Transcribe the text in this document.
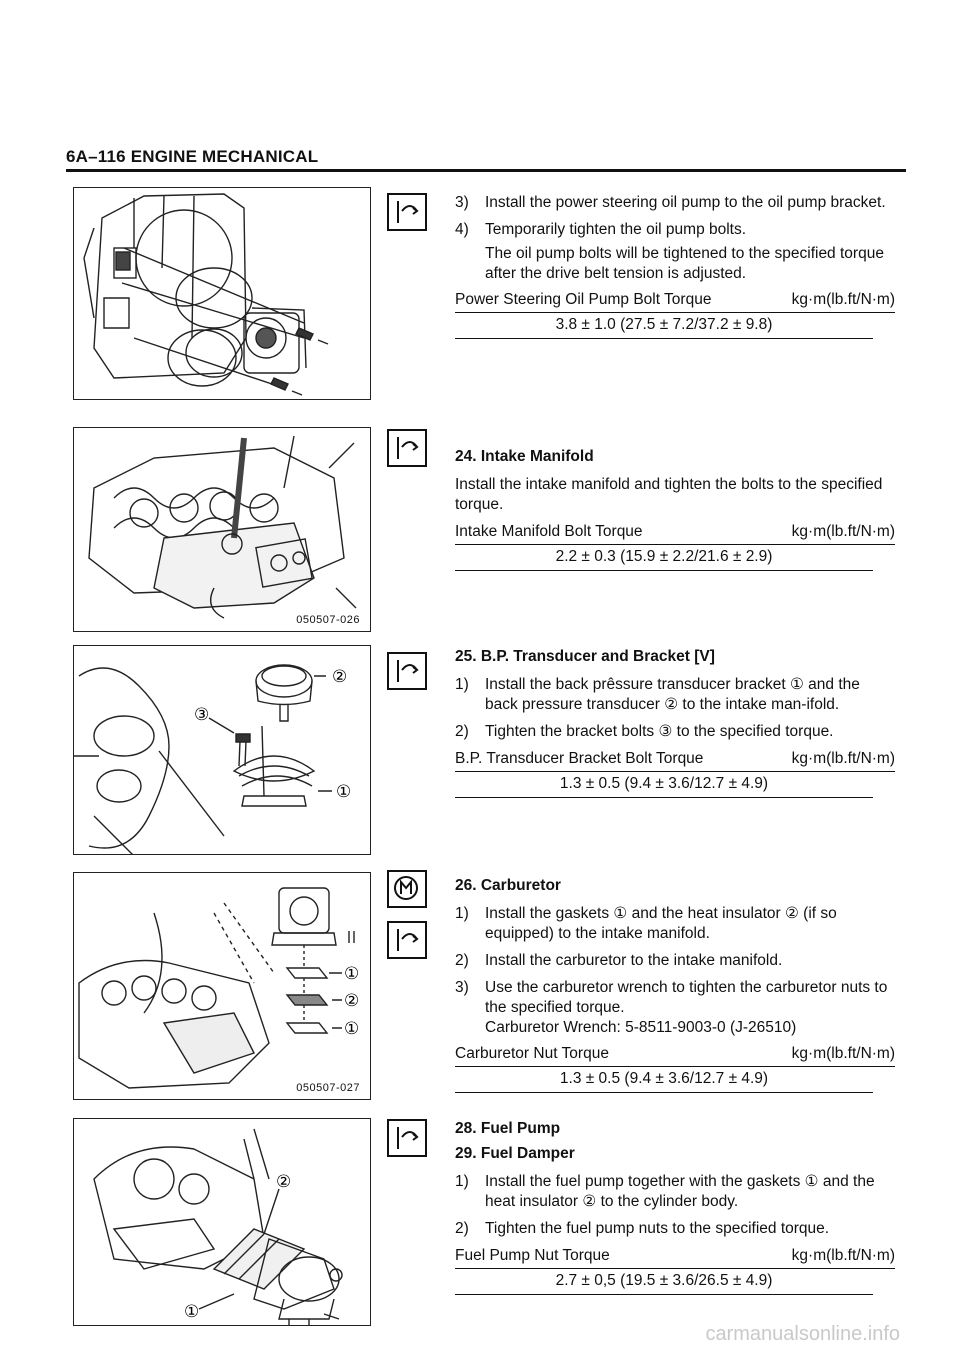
6A–116 ENGINE MECHANICAL
050507-026
②
③
①
①
②
①
050507-027
②
①
3) Install the power steering oil pump to the oil pump bracket.
4) Temporarily tighten the oil pump bolts.
The oil pump bolts will be tightened to the specified torque after the drive belt tension is adjusted.
Power Steering Oil Pump Bolt Torque	kg·m(lb.ft/N·m)
3.8 ± 1.0 (27.5 ± 7.2/37.2 ± 9.8)
24. Intake Manifold
Install the intake manifold and tighten the bolts to the specified torque.
Intake Manifold Bolt Torque	kg·m(lb.ft/N·m)
2.2 ± 0.3 (15.9 ± 2.2/21.6 ± 2.9)
25. B.P. Transducer and Bracket [V]
1) Install the back prêssure transducer bracket ① and the back pressure transducer ② to the intake man-ifold.
2) Tighten the bracket bolts ③ to the specified torque.
B.P. Transducer Bracket Bolt Torque	kg·m(lb.ft/N·m)
1.3 ± 0.5 (9.4 ± 3.6/12.7 ± 4.9)
26. Carburetor
1) Install the gaskets ① and the heat insulator ② (if so equipped) to the intake manifold.
2) Install the carburetor to the intake manifold.
3) Use the carburetor wrench to tighten the carburetor nuts to the specified torque.
Carburetor Wrench: 5-8511-9003-0 (J-26510)
Carburetor Nut Torque	kg·m(lb.ft/N·m)
1.3 ± 0.5 (9.4 ± 3.6/12.7 ± 4.9)
28. Fuel Pump
29. Fuel Damper
1) Install the fuel pump together with the gaskets ① and the heat insulator ② to the cylinder body.
2) Tighten the fuel pump nuts to the specified torque.
Fuel Pump Nut Torque	kg·m(lb.ft/N·m)
2.7 ± 0,5 (19.5 ± 3.6/26.5 ± 4.9)
carmanualsonline.info
